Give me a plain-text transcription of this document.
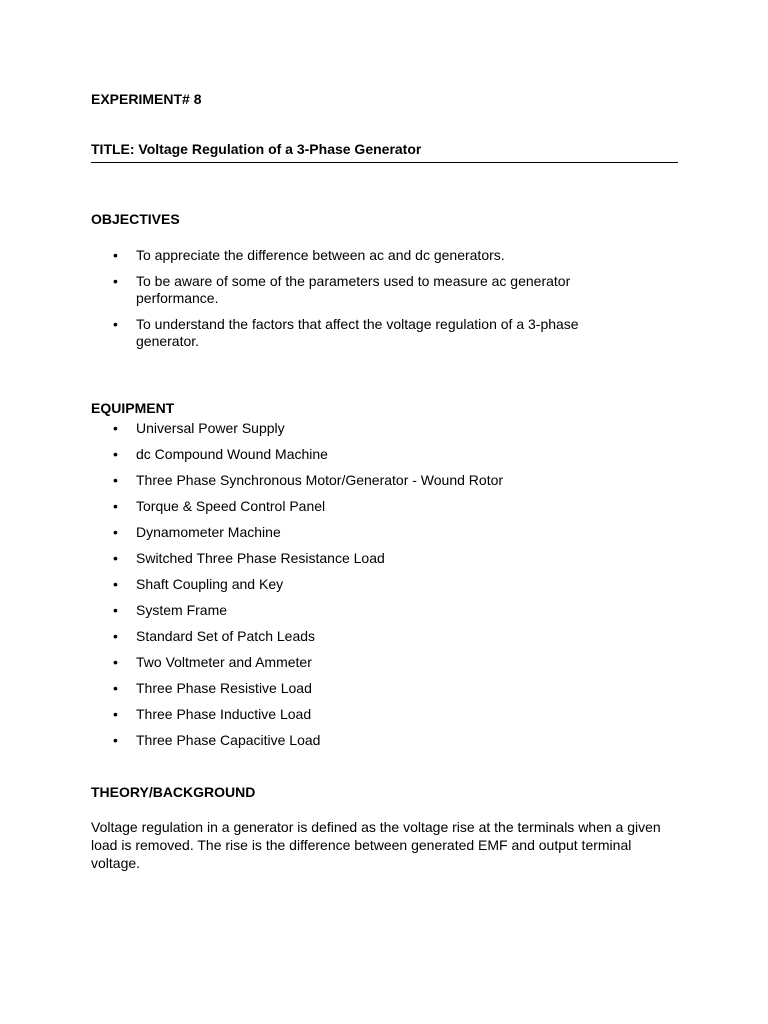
EXPERIMENT# 8
TITLE: Voltage Regulation of a 3-Phase Generator
OBJECTIVES
• To appreciate the difference between ac and dc generators.
• To be aware of some of the parameters used to measure ac generator performance.
• To understand the factors that affect the voltage regulation of a 3-phase generator.
EQUIPMENT
• Universal Power Supply
• dc Compound Wound Machine
• Three Phase Synchronous Motor/Generator - Wound Rotor
• Torque & Speed Control Panel
• Dynamometer Machine
• Switched Three Phase Resistance Load
• Shaft Coupling and Key
• System Frame
• Standard Set of Patch Leads
• Two Voltmeter and Ammeter
• Three Phase Resistive Load
• Three Phase Inductive Load
• Three Phase Capacitive Load
THEORY/BACKGROUND
Voltage regulation in a generator is defined as the voltage rise at the terminals when a given load is removed. The rise is the difference between generated EMF and output terminal voltage.
